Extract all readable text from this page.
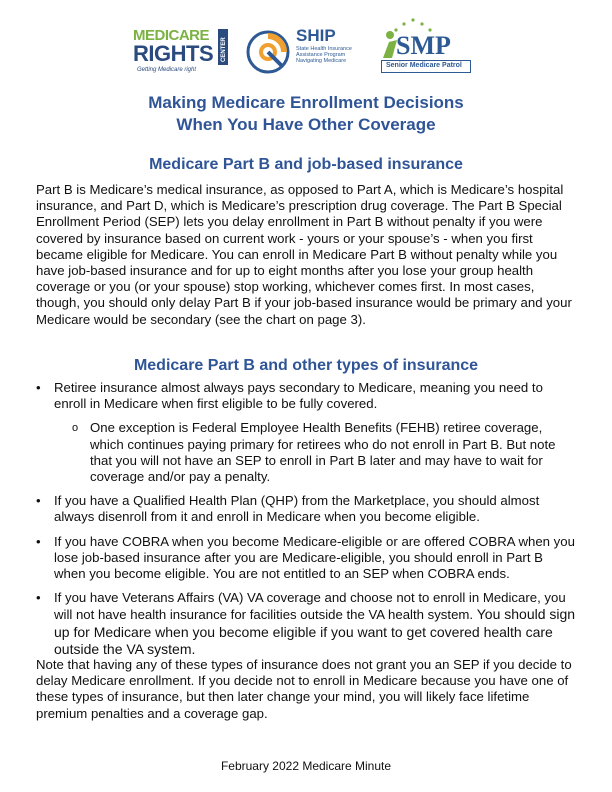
MEDICARE
RIGHTS CENTER
Getting Medicare right
SHIP
State Health Insurance
Assistance Program
Navigating Medicare
SMP
Senior Medicare Patrol
Making Medicare Enrollment Decisions
When You Have Other Coverage
Medicare Part B and job-based insurance
Part B is Medicare’s medical insurance, as opposed to Part A, which is Medicare’s hospital insurance, and Part D, which is Medicare’s prescription drug coverage. The Part B Special Enrollment Period (SEP) lets you delay enrollment in Part B without penalty if you were covered by insurance based on current work - yours or your spouse’s - when you first became eligible for Medicare. You can enroll in Medicare Part B without penalty while you have job-based insurance and for up to eight months after you lose your group health coverage or you (or your spouse) stop working, whichever comes first. In most cases, though, you should only delay Part B if your job-based insurance would be primary and your Medicare would be secondary (see the chart on page 3).
Medicare Part B and other types of insurance
• Retiree insurance almost always pays secondary to Medicare, meaning you need to enroll in Medicare when first eligible to be fully covered.
o One exception is Federal Employee Health Benefits (FEHB) retiree coverage, which continues paying primary for retirees who do not enroll in Part B. But note that you will not have an SEP to enroll in Part B later and may have to wait for coverage and/or pay a penalty.
• If you have a Qualified Health Plan (QHP) from the Marketplace, you should almost always disenroll from it and enroll in Medicare when you become eligible.
• If you have COBRA when you become Medicare-eligible or are offered COBRA when you lose job-based insurance after you are Medicare-eligible, you should enroll in Part B when you become eligible. You are not entitled to an SEP when COBRA ends.
• If you have Veterans Affairs (VA) VA coverage and choose not to enroll in Medicare, you will not have health insurance for facilities outside the VA health system. You should sign up for Medicare when you become eligible if you want to get covered health care outside the VA system.
Note that having any of these types of insurance does not grant you an SEP if you decide to delay Medicare enrollment. If you decide not to enroll in Medicare because you have one of these types of insurance, but then later change your mind, you will likely face lifetime premium penalties and a coverage gap.
February 2022 Medicare Minute
